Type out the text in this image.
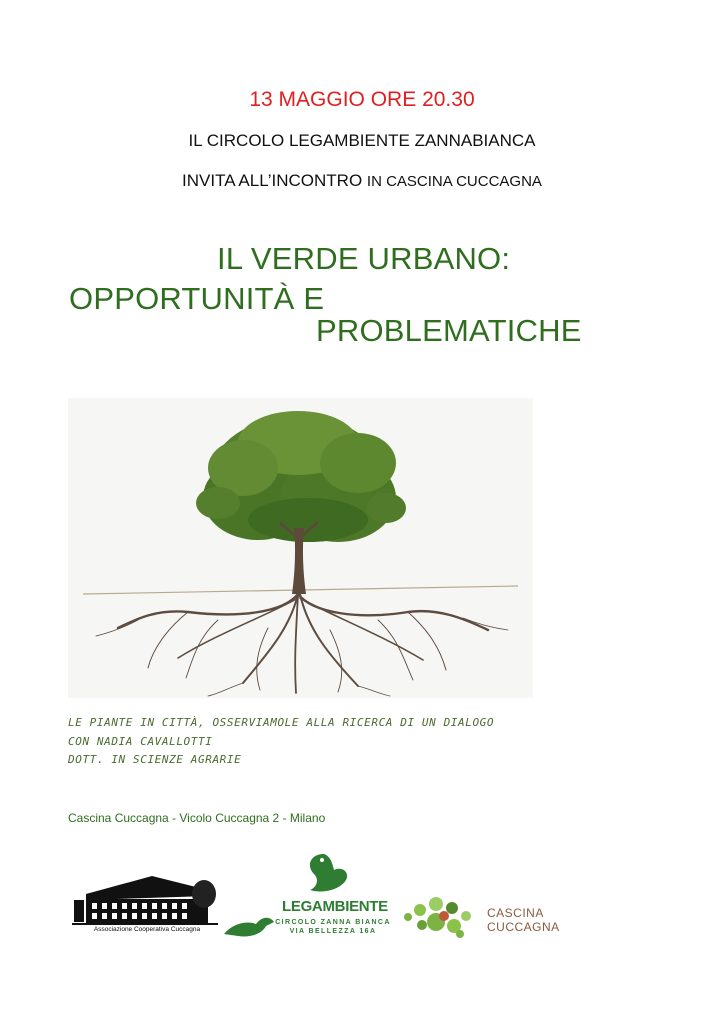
13 MAGGIO ORE 20.30
IL CIRCOLO LEGAMBIENTE ZANNABIANCA
INVITA ALL’INCONTRO IN CASCINA CUCCAGNA
IL VERDE URBANO:
OPPORTUNITÀ E
PROBLEMATICHE
LE PIANTE IN CITTÀ, OSSERVIAMOLE ALLA RICERCA DI UN DIALOGO
CON NADIA CAVALLOTTI
DOTT. IN SCIENZE AGRARIE
Cascina Cuccagna - Vicolo Cuccagna 2 - Milano
Associazione Cooperativa Cuccagna
LEGAMBIENTE
CIRCOLO ZANNA BIANCA
VIA BELLEZZA 16A
CASCINA
CUCCAGNA
